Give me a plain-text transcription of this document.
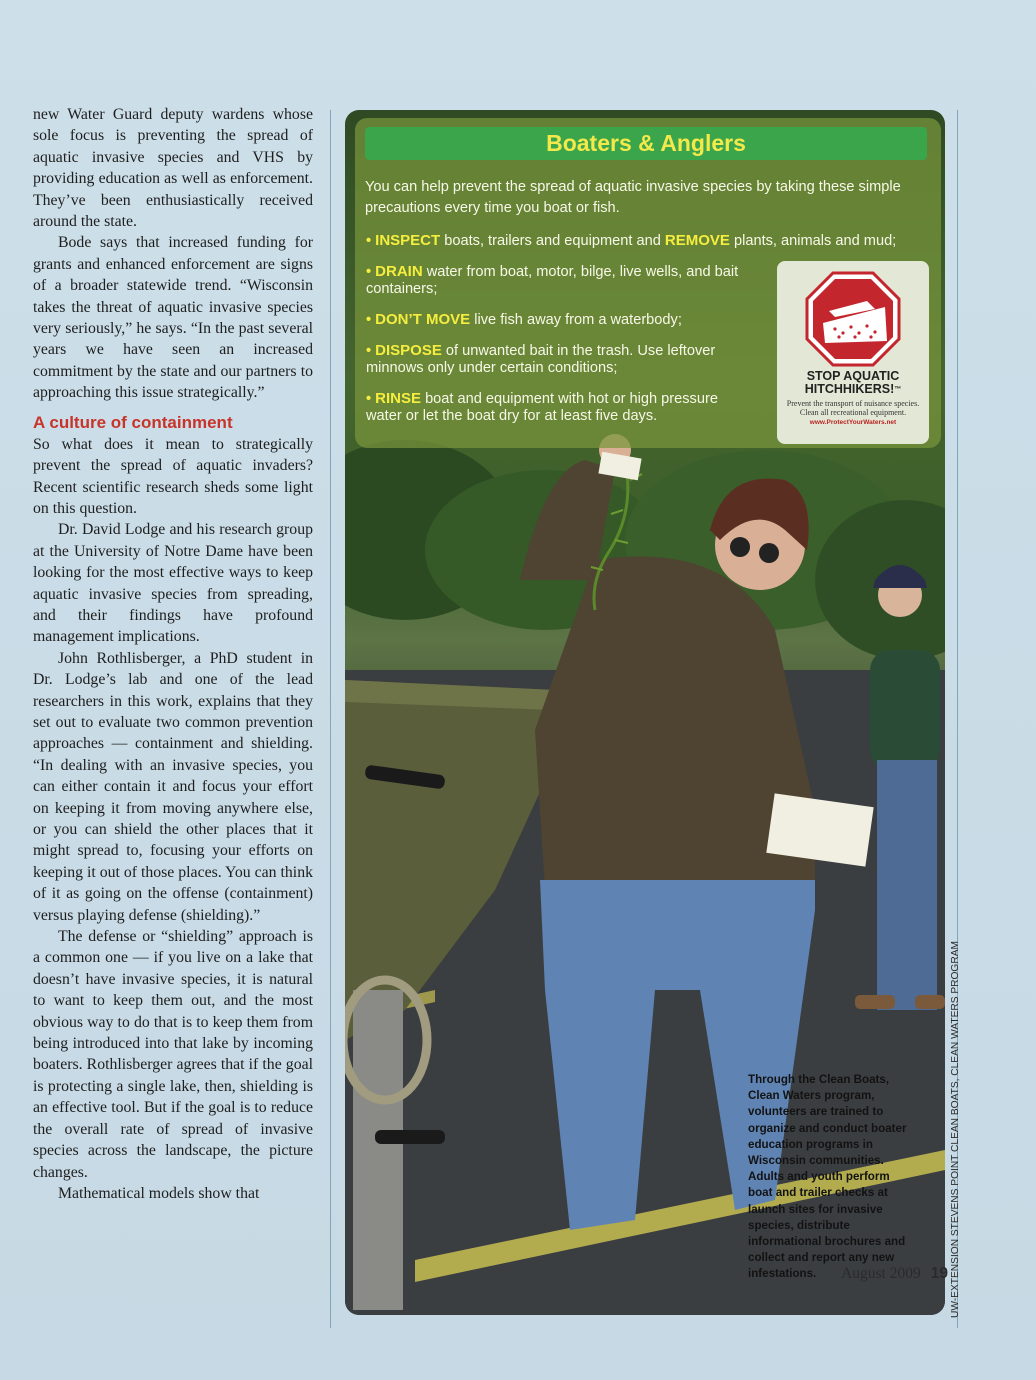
new Water Guard deputy wardens whose sole focus is preventing the spread of aquatic invasive species and VHS by providing education as well as enforcement. They’ve been enthusiastically received around the state.

Bode says that increased funding for grants and enhanced enforcement are signs of a broader statewide trend. “Wisconsin takes the threat of aquatic invasive species very seriously,” he says. “In the past several years we have seen an increased commitment by the state and our partners to approaching this issue strategically.”

A culture of containment

So what does it mean to strategically prevent the spread of aquatic invaders? Recent scientific research sheds some light on this question.

Dr. David Lodge and his research group at the University of Notre Dame have been looking for the most effective ways to keep aquatic invasive species from spreading, and their findings have profound management implications.

John Rothlisberger, a PhD student in Dr. Lodge’s lab and one of the lead researchers in this work, explains that they set out to evaluate two common prevention approaches — containment and shielding. “In dealing with an invasive species, you can either contain it and focus your effort on keeping it from moving anywhere else, or you can shield the other places that it might spread to, focusing your efforts on keeping it out of those places. You can think of it as going on the offense (containment) versus playing defense (shielding).”

The defense or “shielding” approach is a common one — if you live on a lake that doesn’t have invasive species, it is natural to want to keep them out, and the most obvious way to do that is to keep them from being introduced into that lake by incoming boaters. Rothlisberger agrees that if the goal is protecting a single lake, then, shielding is an effective tool. But if the goal is to reduce the overall rate of spread of invasive species across the landscape, the picture changes.

Mathematical models show that

Boaters & Anglers
You can help prevent the spread of aquatic invasive species by taking these simple precautions every time you boat or fish.
• INSPECT boats, trailers and equipment and REMOVE plants, animals and mud;
• DRAIN water from boat, motor, bilge, live wells, and bait containers;
• DON’T MOVE live fish away from a waterbody;
• DISPOSE of unwanted bait in the trash. Use leftover minnows only under certain conditions;
• RINSE boat and equipment with hot or high pressure water or let the boat dry for at least five days.
STOP AQUATIC
HITCHHIKERS!™
Prevent the transport of nuisance species.
Clean all recreational equipment.
www.ProtectYourWaters.net
Through the Clean Boats, Clean Waters program, volunteers are trained to organize and conduct boater education programs in Wisconsin communities. Adults and youth perform boat and trailer checks at launch sites for invasive species, distribute informational brochures and collect and report any new infestations.	UW-EXTENSION STEVENS POINT CLEAN BOATS, CLEAN WATERS PROGRAM
August 2009 19
